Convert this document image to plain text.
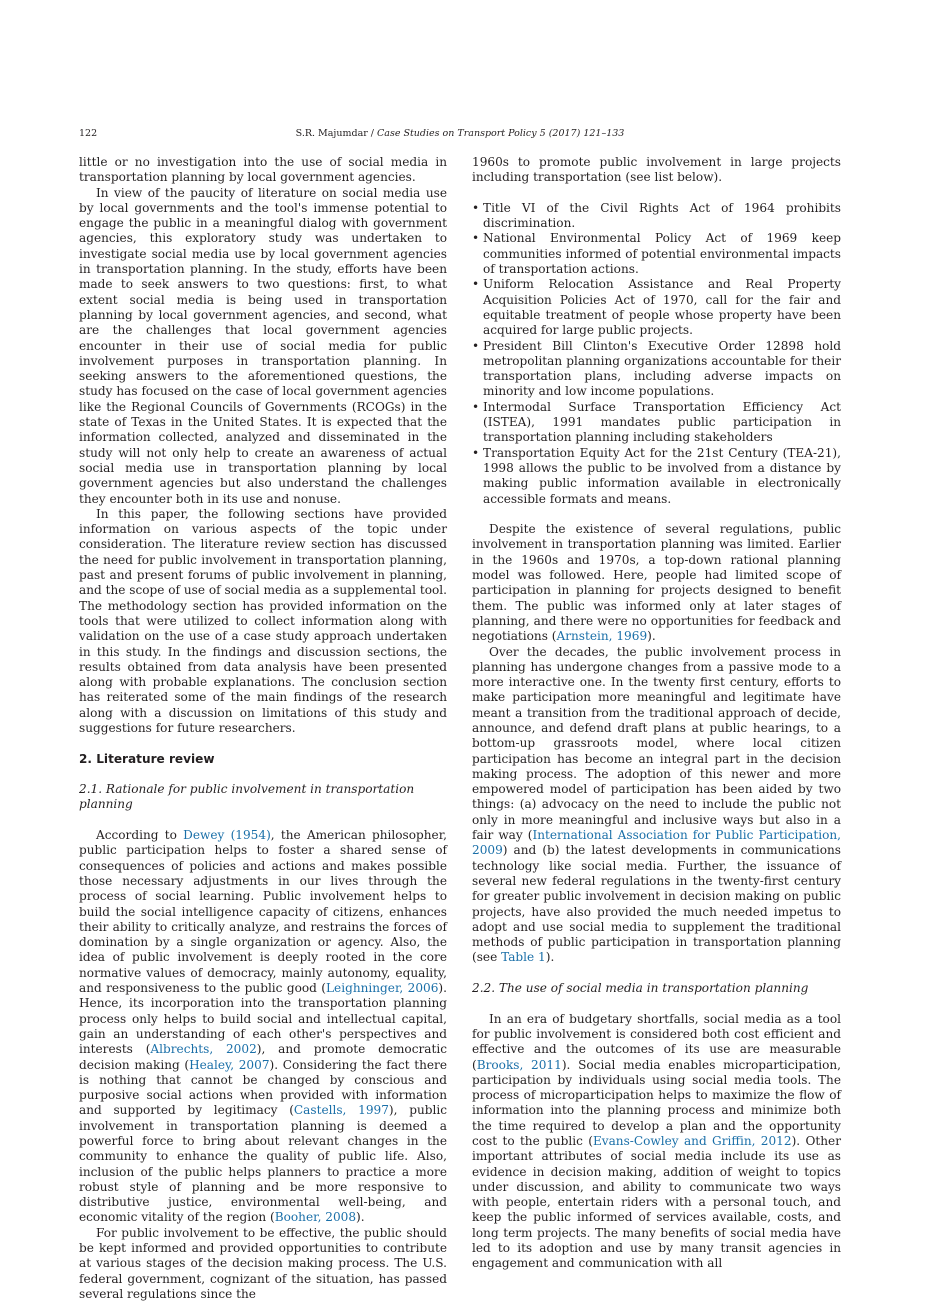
122	S.R. Majumdar / Case Studies on Transport Policy 5 (2017) 121–133

little or no investigation into the use of social media in transportation planning by local government agencies.

In view of the paucity of literature on social media use by local governments and the tool's immense potential to engage the public in a meaningful dialog with government agencies, this exploratory study was undertaken to investigate social media use by local government agencies in transportation planning. In the study, efforts have been made to seek answers to two questions: first, to what extent social media is being used in transportation planning by local government agencies, and second, what are the challenges that local government agencies encounter in their use of social media for public involvement purposes in transportation planning. In seeking answers to the aforementioned questions, the study has focused on the case of local government agencies like the Regional Councils of Governments (RCOGs) in the state of Texas in the United States. It is expected that the information collected, analyzed and disseminated in the study will not only help to create an awareness of actual social media use in transportation planning by local government agencies but also understand the challenges they encounter both in its use and nonuse.

In this paper, the following sections have provided information on various aspects of the topic under consideration. The literature review section has discussed the need for public involvement in transportation planning, past and present forums of public involvement in planning, and the scope of use of social media as a supplemental tool. The methodology section has provided information on the tools that were utilized to collect information along with validation on the use of a case study approach undertaken in this study. In the findings and discussion sections, the results obtained from data analysis have been presented along with probable explanations. The conclusion section has reiterated some of the main findings of the research along with a discussion on limitations of this study and suggestions for future researchers.

2. Literature review
2.1. Rationale for public involvement in transportation planning

According to Dewey (1954), the American philosopher, public participation helps to foster a shared sense of consequences of policies and actions and makes possible those necessary adjustments in our lives through the process of social learning. Public involvement helps to build the social intelligence capacity of citizens, enhances their ability to critically analyze, and restrains the forces of domination by a single organization or agency. Also, the idea of public involvement is deeply rooted in the core normative values of democracy, mainly autonomy, equality, and responsiveness to the public good (Leighninger, 2006). Hence, its incorporation into the transportation planning process only helps to build social and intellectual capital, gain an understanding of each other's perspectives and interests (Albrechts, 2002), and promote democratic decision making (Healey, 2007). Considering the fact there is nothing that cannot be changed by conscious and purposive social actions when provided with information and supported by legitimacy (Castells, 1997), public involvement in transportation planning is deemed a powerful force to bring about relevant changes in the community to enhance the quality of public life. Also, inclusion of the public helps planners to practice a more robust style of planning and be more responsive to distributive justice, environmental well-being, and economic vitality of the region (Booher, 2008).

For public involvement to be effective, the public should be kept informed and provided opportunities to contribute at various stages of the decision making process. The U.S. federal government, cognizant of the situation, has passed several regulations since the

1960s to promote public involvement in large projects including transportation (see list below).

• Title VI of the Civil Rights Act of 1964 prohibits discrimination.
• National Environmental Policy Act of 1969 keep communities informed of potential environmental impacts of transportation actions.
• Uniform Relocation Assistance and Real Property Acquisition Policies Act of 1970, call for the fair and equitable treatment of people whose property have been acquired for large public projects.
• President Bill Clinton's Executive Order 12898 hold metropolitan planning organizations accountable for their transportation plans, including adverse impacts on minority and low income populations.
• Intermodal Surface Transportation Efficiency Act (ISTEA), 1991 mandates public participation in transportation planning including stakeholders
• Transportation Equity Act for the 21st Century (TEA-21), 1998 allows the public to be involved from a distance by making public information available in electronically accessible formats and means.

Despite the existence of several regulations, public involvement in transportation planning was limited. Earlier in the 1960s and 1970s, a top-down rational planning model was followed. Here, people had limited scope of participation in planning for projects designed to benefit them. The public was informed only at later stages of planning, and there were no opportunities for feedback and negotiations (Arnstein, 1969).

Over the decades, the public involvement process in planning has undergone changes from a passive mode to a more interactive one. In the twenty first century, efforts to make participation more meaningful and legitimate have meant a transition from the traditional approach of decide, announce, and defend draft plans at public hearings, to a bottom-up grassroots model, where local citizen participation has become an integral part in the decision making process. The adoption of this newer and more empowered model of participation has been aided by two things: (a) advocacy on the need to include the public not only in more meaningful and inclusive ways but also in a fair way (International Association for Public Participation, 2009) and (b) the latest developments in communications technology like social media. Further, the issuance of several new federal regulations in the twenty-first century for greater public involvement in decision making on public projects, have also provided the much needed impetus to adopt and use social media to supplement the traditional methods of public participation in transportation planning (see Table 1).

2.2. The use of social media in transportation planning

In an era of budgetary shortfalls, social media as a tool for public involvement is considered both cost efficient and effective and the outcomes of its use are measurable (Brooks, 2011). Social media enables microparticipation, participation by individuals using social media tools. The process of microparticipation helps to maximize the flow of information into the planning process and minimize both the time required to develop a plan and the opportunity cost to the public (Evans-Cowley and Griffin, 2012). Other important attributes of social media include its use as evidence in decision making, addition of weight to topics under discussion, and ability to communicate two ways with people, entertain riders with a personal touch, and keep the public informed of services available, costs, and long term projects. The many benefits of social media have led to its adoption and use by many transit agencies in engagement and communication with all
